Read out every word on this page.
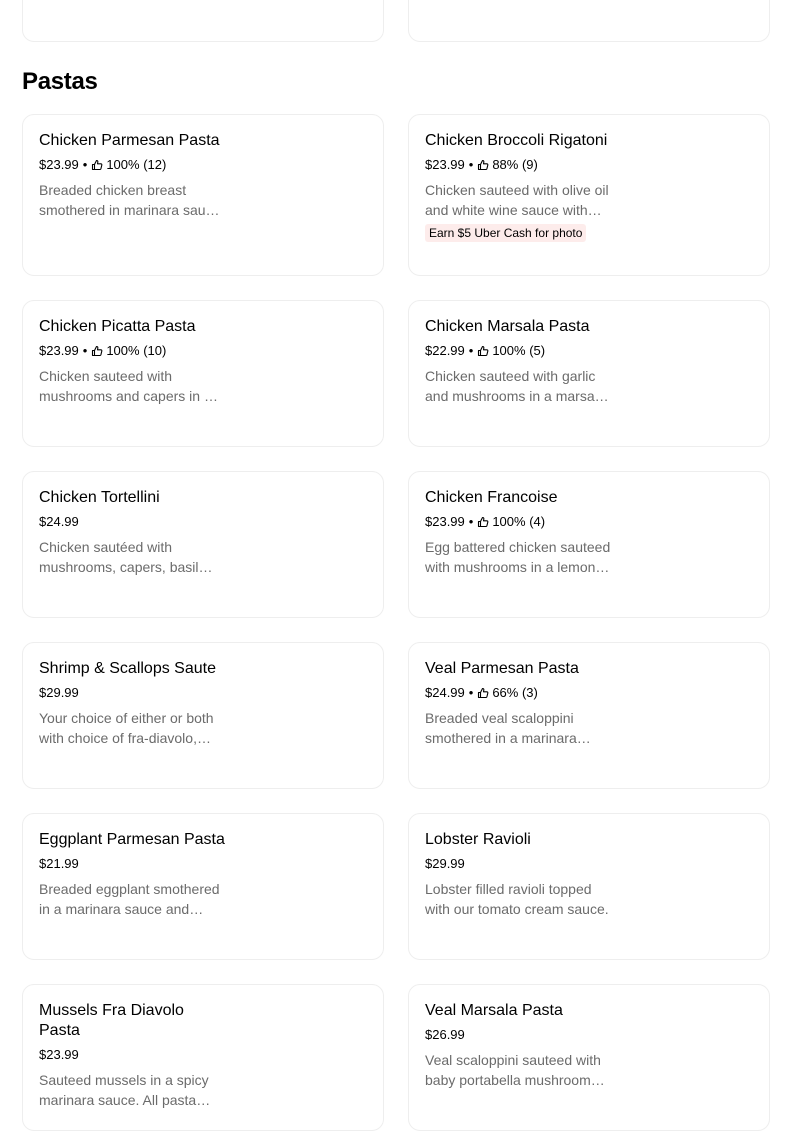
Pastas
Chicken Parmesan Pasta
$23.99 • 100% (12)
Breaded chicken breast smothered in marinara sauce
Chicken Broccoli Rigatoni
$23.99 • 88% (9)
Chicken sauteed with olive oil and white wine sauce with
Earn $5 Uber Cash for photo
Chicken Picatta Pasta
$23.99 • 100% (10)
Chicken sauteed with mushrooms and capers in a
Chicken Marsala Pasta
$22.99 • 100% (5)
Chicken sauteed with garlic and mushrooms in a marsala
Chicken Tortellini
$24.99
Chicken sautéed with mushrooms, capers, basil
Chicken Francoise
$23.99 • 100% (4)
Egg battered chicken sauteed with mushrooms in a lemon
Shrimp & Scallops Saute
$29.99
Your choice of either or both with choice of fra-diavolo,
Veal Parmesan Pasta
$24.99 • 66% (3)
Breaded veal scaloppini smothered in a marinara
Eggplant Parmesan Pasta
$21.99
Breaded eggplant smothered in a marinara sauce and
Lobster Ravioli
$29.99
Lobster filled ravioli topped with our tomato cream sauce.
Mussels Fra Diavolo Pasta
$23.99
Sauteed mussels in a spicy marinara sauce. All pasta
Veal Marsala Pasta
$26.99
Veal scaloppini sauteed with baby portabella mushrooms
